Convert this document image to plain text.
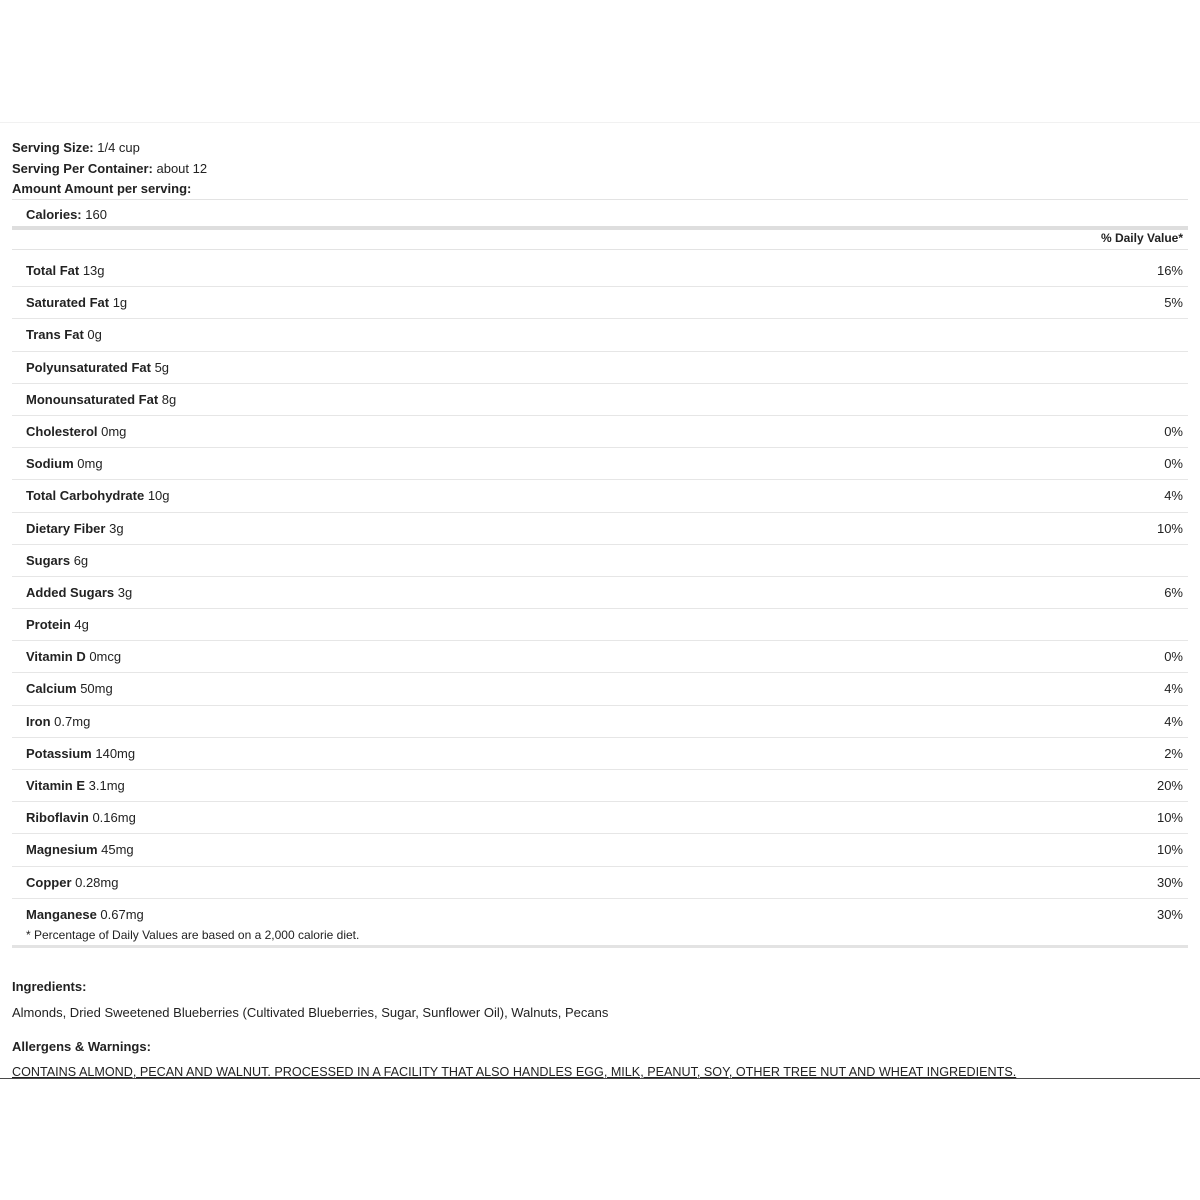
Serving Size: 1/4 cup
Serving Per Container: about 12
Amount Amount per serving:
Calories: 160
% Daily Value*
Total Fat 13g	16%
Saturated Fat 1g	5%
Trans Fat 0g
Polyunsaturated Fat 5g
Monounsaturated Fat 8g
Cholesterol 0mg	0%
Sodium 0mg	0%
Total Carbohydrate 10g	4%
Dietary Fiber 3g	10%
Sugars 6g
Added Sugars 3g	6%
Protein 4g
Vitamin D 0mcg	0%
Calcium 50mg	4%
Iron 0.7mg	4%
Potassium 140mg	2%
Vitamin E 3.1mg	20%
Riboflavin 0.16mg	10%
Magnesium 45mg	10%
Copper 0.28mg	30%
Manganese 0.67mg	30%
* Percentage of Daily Values are based on a 2,000 calorie diet.
Ingredients:
Almonds, Dried Sweetened Blueberries (Cultivated Blueberries, Sugar, Sunflower Oil), Walnuts, Pecans
Allergens & Warnings:
CONTAINS ALMOND, PECAN AND WALNUT. PROCESSED IN A FACILITY THAT ALSO HANDLES EGG, MILK, PEANUT, SOY, OTHER TREE NUT AND WHEAT INGREDIENTS.
